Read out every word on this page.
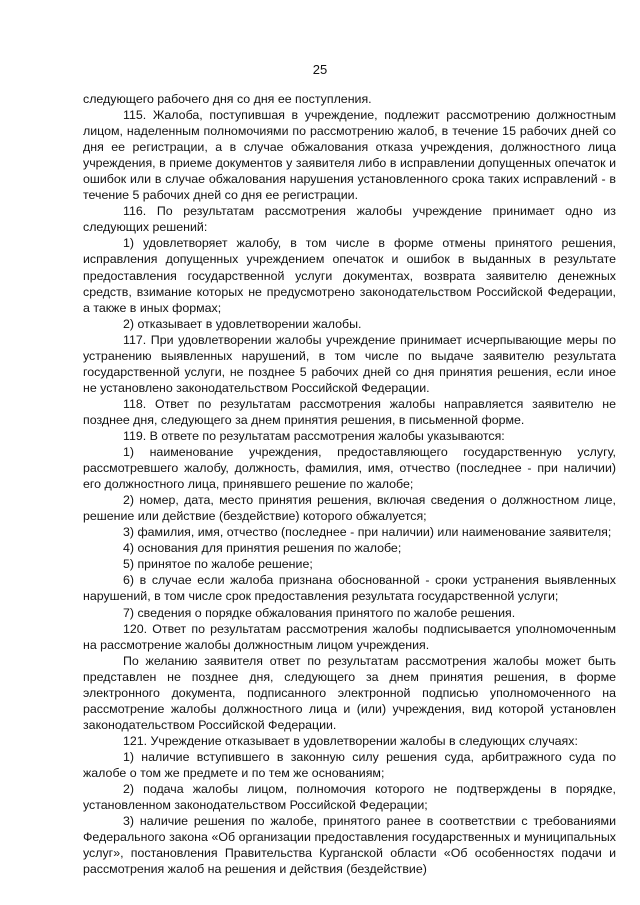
25

следующего рабочего дня со дня ее поступления.

115. Жалоба, поступившая в учреждение, подлежит рассмотрению должностным лицом, наделенным полномочиями по рассмотрению жалоб, в течение 15 рабочих дней со дня ее регистрации, а в случае обжалования отказа учреждения, должностного лица учреждения, в приеме документов у заявителя либо в исправлении допущенных опечаток и ошибок или в случае обжалования нарушения установленного срока таких исправлений - в течение 5 рабочих дней со дня ее регистрации.

116. По результатам рассмотрения жалобы учреждение принимает одно из следующих решений:

1) удовлетворяет жалобу, в том числе в форме отмены принятого решения, исправления допущенных учреждением опечаток и ошибок в выданных в результате предоставления государственной услуги документах, возврата заявителю денежных средств, взимание которых не предусмотрено законодательством Российской Федерации, а также в иных формах;

2) отказывает в удовлетворении жалобы.

117. При удовлетворении жалобы учреждение принимает исчерпывающие меры по устранению выявленных нарушений, в том числе по выдаче заявителю результата государственной услуги, не позднее 5 рабочих дней со дня принятия решения, если иное не установлено законодательством Российской Федерации.

118. Ответ по результатам рассмотрения жалобы направляется заявителю не позднее дня, следующего за днем принятия решения, в письменной форме.

119. В ответе по результатам рассмотрения жалобы указываются:

1) наименование учреждения, предоставляющего государственную услугу, рассмотревшего жалобу, должность, фамилия, имя, отчество (последнее - при наличии) его должностного лица, принявшего решение по жалобе;

2) номер, дата, место принятия решения, включая сведения о должностном лице, решение или действие (бездействие) которого обжалуется;

3) фамилия, имя, отчество (последнее - при наличии) или наименование заявителя;

4) основания для принятия решения по жалобе;

5) принятое по жалобе решение;

6) в случае если жалоба признана обоснованной - сроки устранения выявленных нарушений, в том числе срок предоставления результата государственной услуги;

7) сведения о порядке обжалования принятого по жалобе решения.

120. Ответ по результатам рассмотрения жалобы подписывается уполномоченным на рассмотрение жалобы должностным лицом учреждения.

По желанию заявителя ответ по результатам рассмотрения жалобы может быть представлен не позднее дня, следующего за днем принятия решения, в форме электронного документа, подписанного электронной подписью уполномоченного на рассмотрение жалобы должностного лица и (или) учреждения, вид которой установлен законодательством Российской Федерации.

121. Учреждение отказывает в удовлетворении жалобы в следующих случаях:

1) наличие вступившего в законную силу решения суда, арбитражного суда по жалобе о том же предмете и по тем же основаниям;

2) подача жалобы лицом, полномочия которого не подтверждены в порядке, установленном законодательством Российской Федерации;

3) наличие решения по жалобе, принятого ранее в соответствии с требованиями Федерального закона «Об организации предоставления государственных и муниципальных услуг», постановления Правительства Курганской области «Об особенностях подачи и рассмотрения жалоб на решения и действия (бездействие)
